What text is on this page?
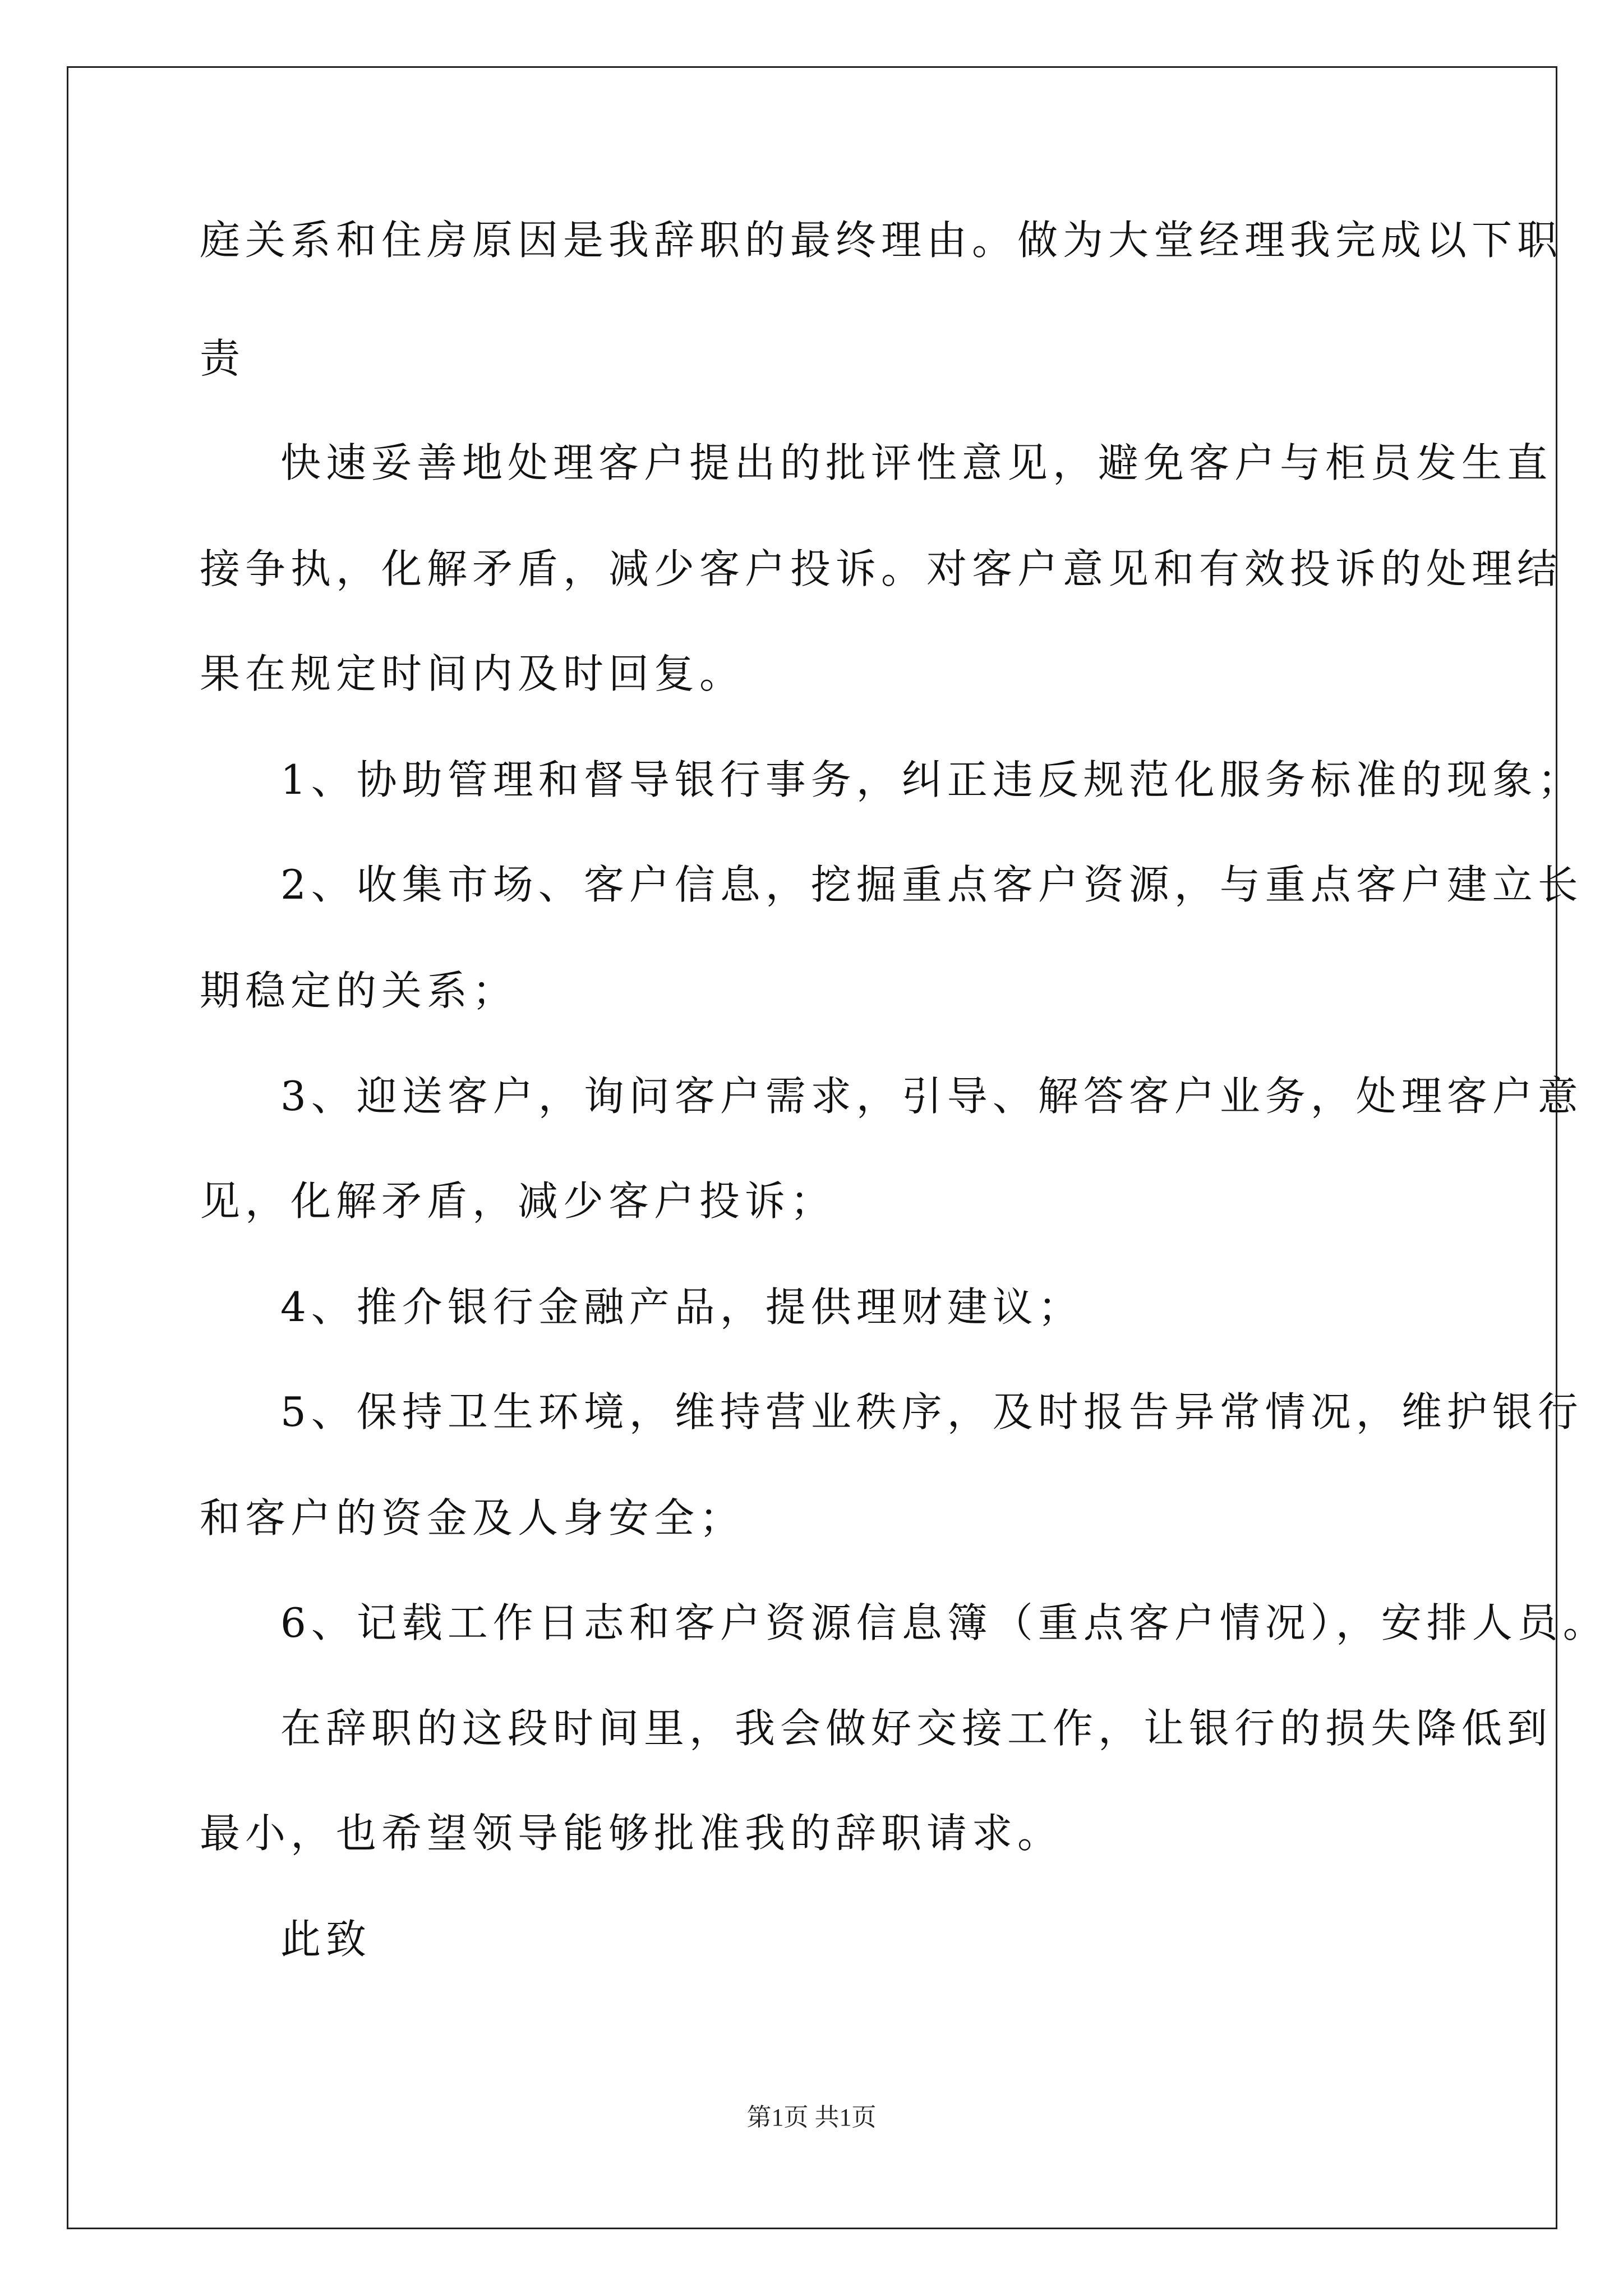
庭关系和住房原因是我辞职的最终理由。做为大堂经理我完成以下职
责
快速妥善地处理客户提出的批评性意见，避免客户与柜员发生直
接争执，化解矛盾，减少客户投诉。对客户意见和有效投诉的处理结
果在规定时间内及时回复。
1、协助管理和督导银行事务，纠正违反规范化服务标准的现象；
2、收集市场、客户信息，挖掘重点客户资源，与重点客户建立长
期稳定的关系；
3、迎送客户，询问客户需求，引导、解答客户业务，处理客户意
见，化解矛盾，减少客户投诉；
4、推介银行金融产品，提供理财建议；
5、保持卫生环境，维持营业秩序，及时报告异常情况，维护银行
和客户的资金及人身安全；
6、记载工作日志和客户资源信息簿（重点客户情况），安排人员。
在辞职的这段时间里，我会做好交接工作，让银行的损失降低到
最小，也希望领导能够批准我的辞职请求。
此致
第1页 共1页
